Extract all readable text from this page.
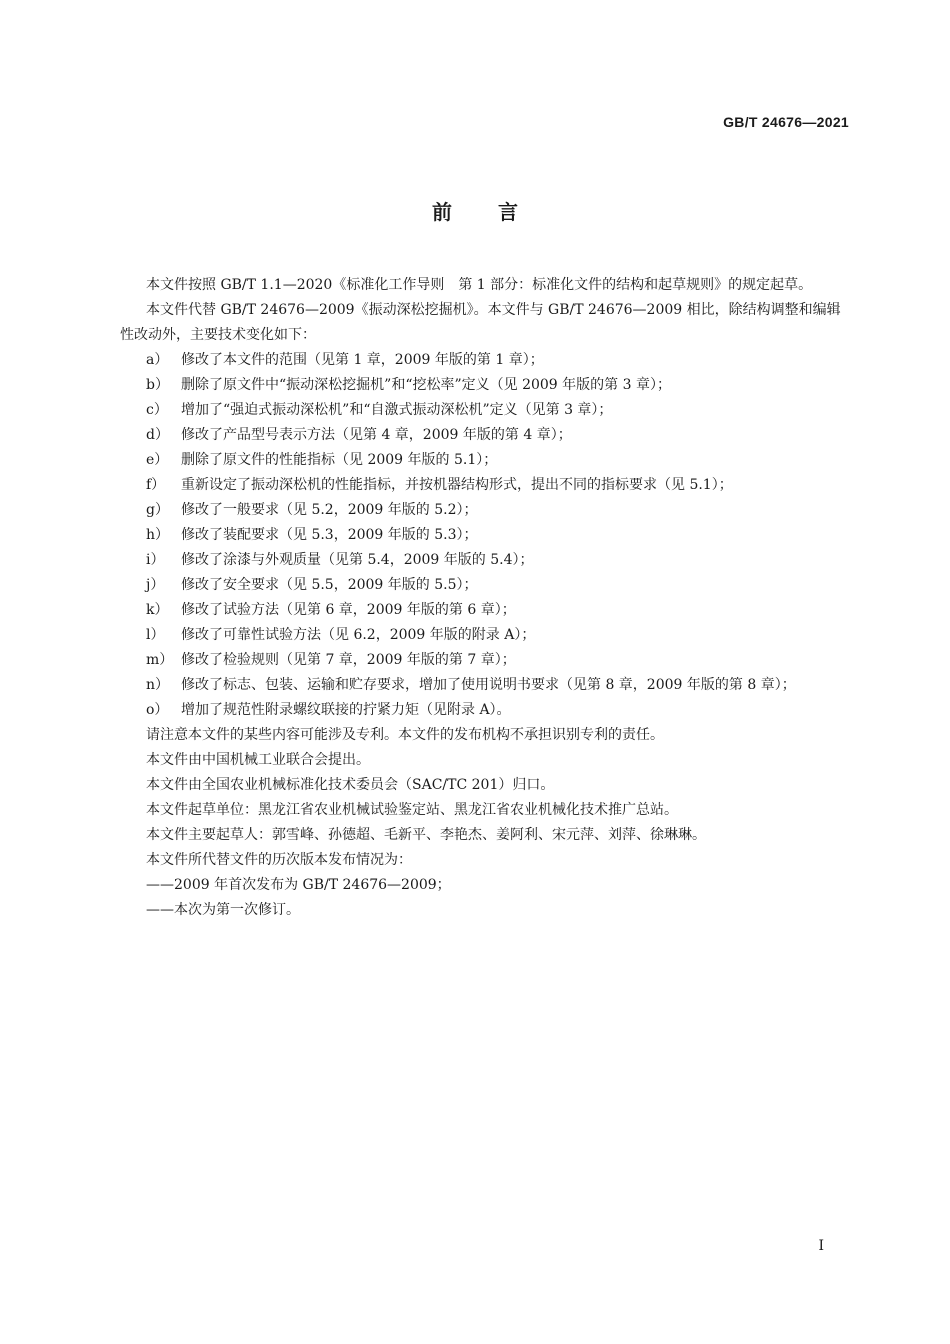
GB/T 24676—2021
前言

本文件按照 GB/T 1.1—2020《标准化工作导则　第 1 部分：标准化文件的结构和起草规则》的规定起草。

本文件代替 GB/T 24676—2009《振动深松挖掘机》。本文件与 GB/T 24676—2009 相比，除结构调整和编辑性改动外，主要技术变化如下：

a） 修改了本文件的范围（见第 1 章，2009 年版的第 1 章）；
b） 删除了原文件中“振动深松挖掘机”和“挖松率”定义（见 2009 年版的第 3 章）；
c） 增加了“强迫式振动深松机”和“自激式振动深松机”定义（见第 3 章）；
d） 修改了产品型号表示方法（见第 4 章，2009 年版的第 4 章）；
e） 删除了原文件的性能指标（见 2009 年版的 5.1）；
f）	重新设定了振动深松机的性能指标，并按机器结构形式，提出不同的指标要求（见 5.1）；
g） 修改了一般要求（见 5.2，2009 年版的 5.2）；
h） 修改了装配要求（见 5.3，2009 年版的 5.3）；
i）	修改了涂漆与外观质量（见第 5.4，2009 年版的 5.4）；
j）	修改了安全要求（见 5.5，2009 年版的 5.5）；
k） 修改了试验方法（见第 6 章，2009 年版的第 6 章）；
l）	修改了可靠性试验方法（见 6.2，2009 年版的附录 A）；
m） 修改了检验规则（见第 7 章，2009 年版的第 7 章）；
n） 修改了标志、包装、运输和贮存要求，增加了使用说明书要求（见第 8 章，2009 年版的第 8 章）；
o） 增加了规范性附录螺纹联接的拧紧力矩（见附录 A）。

请注意本文件的某些内容可能涉及专利。本文件的发布机构不承担识别专利的责任。

本文件由中国机械工业联合会提出。

本文件由全国农业机械标准化技术委员会（SAC/TC 201）归口。

本文件起草单位：黑龙江省农业机械试验鉴定站、黑龙江省农业机械化技术推广总站。

本文件主要起草人：郭雪峰、孙德超、毛新平、李艳杰、姜阿利、宋元萍、刘萍、徐琳琳。

本文件所代替文件的历次版本发布情况为：

——2009 年首次发布为 GB/T 24676—2009；

——本次为第一次修订。

I
